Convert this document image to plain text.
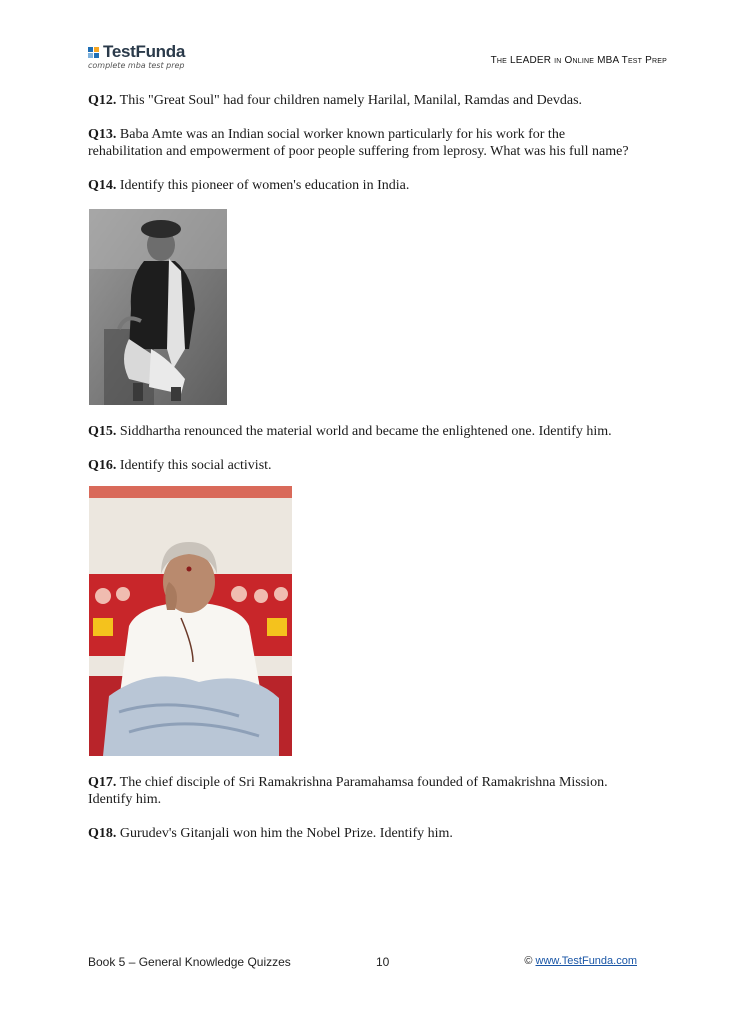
TestFunda
complete mba test prep	The LEADER in Online MBA Test Prep

Q12. This "Great Soul" had four children namely Harilal, Manilal, Ramdas and Devdas.

Q13. Baba Amte was an Indian social worker known particularly for his work for the rehabilitation and empowerment of poor people suffering from leprosy. What was his full name?

Q14. Identify this pioneer of women's education in India.

Q15. Siddhartha renounced the material world and became the enlightened one. Identify him.

Q16. Identify this social activist.

Q17. The chief disciple of Sri Ramakrishna Paramahamsa founded of Ramakrishna Mission. Identify him.

Q18. Gurudev's Gitanjali won him the Nobel Prize. Identify him.

Book 5 – General Knowledge Quizzes	10	© www.TestFunda.com
